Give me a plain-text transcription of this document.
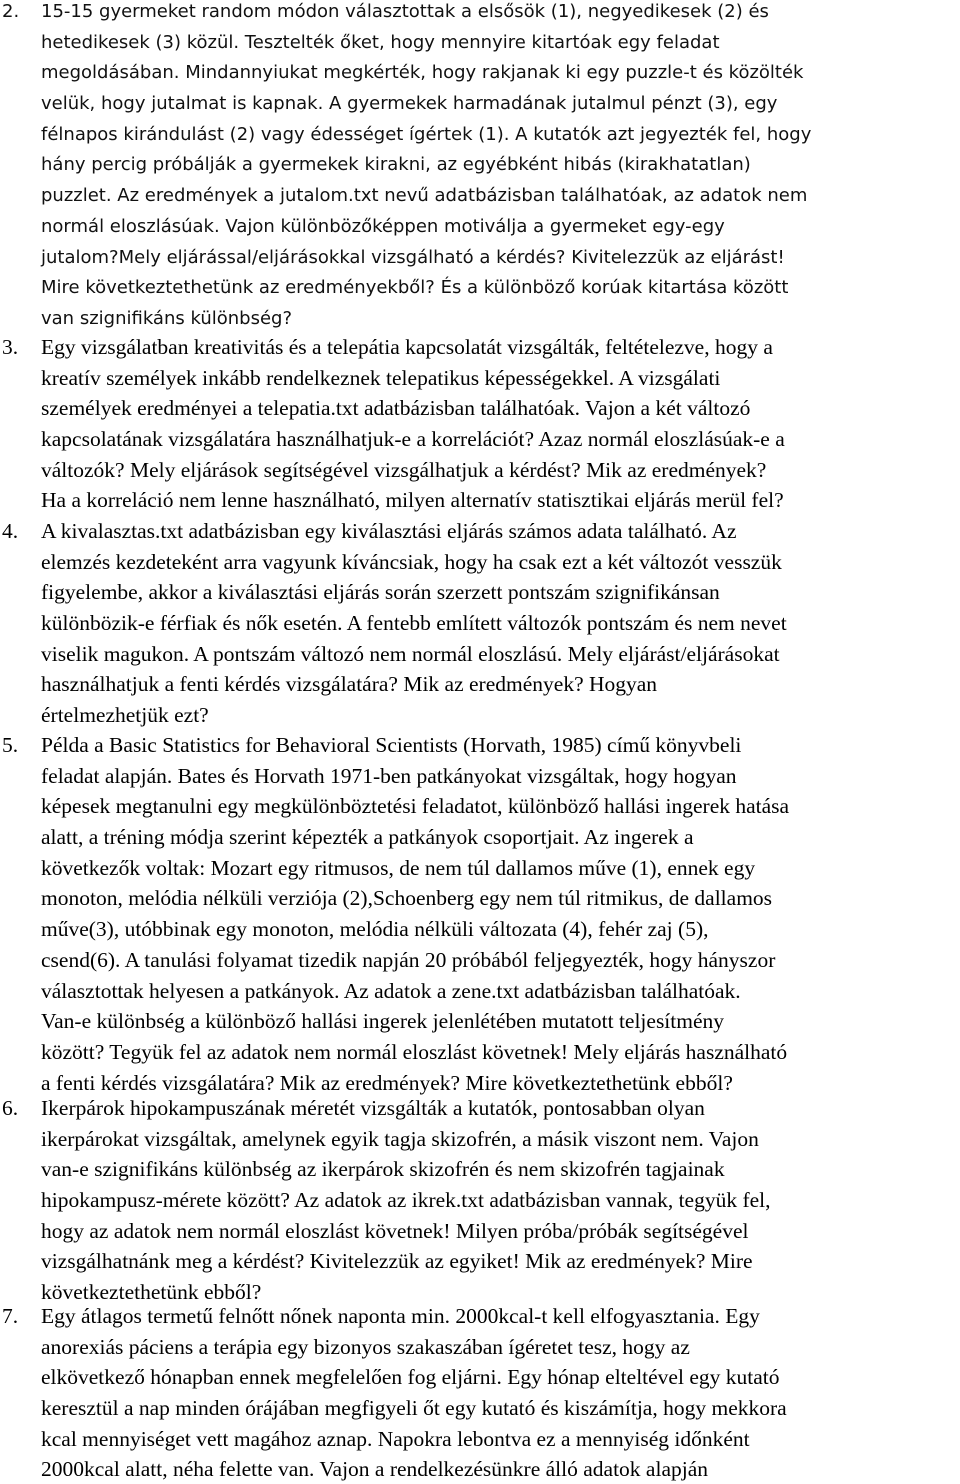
2. 15-15 gyermeket random módon választottak a elsősök (1), negyedikesek (2) és
hetedikesek (3) közül. Tesztelték őket, hogy mennyire kitartóak egy feladat
megoldásában. Mindannyiukat megkérték, hogy rakjanak ki egy puzzle-t és közölték
velük, hogy jutalmat is kapnak. A gyermekek harmadának jutalmul pénzt (3), egy
félnapos kirándulást (2) vagy édességet ígértek (1). A kutatók azt jegyezték fel, hogy
hány percig próbálják a gyermekek kirakni, az egyébként hibás (kirakhatatlan)
puzzlet. Az eredmények a jutalom.txt nevű adatbázisban találhatóak, az adatok nem
normál eloszlásúak. Vajon különbözőképpen motiválja a gyermeket egy-egy
jutalom?Mely eljárással/eljárásokkal vizsgálható a kérdés? Kivitelezzük az eljárást!
Mire következtethetünk az eredményekből? És a különböző korúak kitartása között
van szignifikáns különbség?
3. Egy vizsgálatban kreativitás és a telepátia kapcsolatát vizsgálták, feltételezve, hogy a
kreatív személyek inkább rendelkeznek telepatikus képességekkel. A vizsgálati
személyek eredményei a telepatia.txt adatbázisban találhatóak. Vajon a két változó
kapcsolatának vizsgálatára használhatjuk-e a korrelációt? Azaz normál eloszlásúak-e a
változók? Mely eljárások segítségével vizsgálhatjuk a kérdést? Mik az eredmények?
Ha a korreláció nem lenne használható, milyen alternatív statisztikai eljárás merül fel?
4. A kivalasztas.txt adatbázisban egy kiválasztási eljárás számos adata található. Az
elemzés kezdeteként arra vagyunk kíváncsiak, hogy ha csak ezt a két változót vesszük
figyelembe, akkor a kiválasztási eljárás során szerzett pontszám szignifikánsan
különbözik-e férfiak és nők esetén. A fentebb említett változók pontszám és nem nevet
viselik magukon. A pontszám változó nem normál eloszlású. Mely eljárást/eljárásokat
használhatjuk a fenti kérdés vizsgálatára? Mik az eredmények? Hogyan
értelmezhetjük ezt?
5. Példa a Basic Statistics for Behavioral Scientists (Horvath, 1985) című könyvbeli
feladat alapján. Bates és Horvath 1971-ben patkányokat vizsgáltak, hogy hogyan
képesek megtanulni egy megkülönböztetési feladatot, különböző hallási ingerek hatása
alatt, a tréning módja szerint képezték a patkányok csoportjait. Az ingerek a
következők voltak: Mozart egy ritmusos, de nem túl dallamos műve (1), ennek egy
monoton, melódia nélküli verziója (2),Schoenberg egy nem túl ritmikus, de dallamos
műve(3), utóbbinak egy monoton, melódia nélküli változata (4), fehér zaj (5),
csend(6). A tanulási folyamat tizedik napján 20 próbából feljegyezték, hogy hányszor
választottak helyesen a patkányok. Az adatok a zene.txt adatbázisban találhatóak.
Van-e különbség a különböző hallási ingerek jelenlétében mutatott teljesítmény
között? Tegyük fel az adatok nem normál eloszlást követnek! Mely eljárás használható
a fenti kérdés vizsgálatára? Mik az eredmények? Mire következtethetünk ebből?
6. Ikerpárok hipokampuszának méretét vizsgálták a kutatók, pontosabban olyan
ikerpárokat vizsgáltak, amelynek egyik tagja skizofrén, a másik viszont nem. Vajon
van-e szignifikáns különbség az ikerpárok skizofrén és nem skizofrén tagjainak
hipokampusz-mérete között? Az adatok az ikrek.txt adatbázisban vannak, tegyük fel,
hogy az adatok nem normál eloszlást követnek! Milyen próba/próbák segítségével
vizsgálhatnánk meg a kérdést? Kivitelezzük az egyiket! Mik az eredmények? Mire
következtethetünk ebből?
7. Egy átlagos termetű felnőtt nőnek naponta min. 2000kcal-t kell elfogyasztania. Egy
anorexiás páciens a terápia egy bizonyos szakaszában ígéretet tesz, hogy az
elkövetkező hónapban ennek megfelelően fog eljárni. Egy hónap elteltével egy kutató
keresztül a nap minden órájában megfigyeli őt egy kutató és kiszámítja, hogy mekkora
kcal mennyiséget vett magához aznap. Napokra lebontva ez a mennyiség időnként
2000kcal alatt, néha felette van. Vajon a rendelkezésünkre álló adatok alapján
